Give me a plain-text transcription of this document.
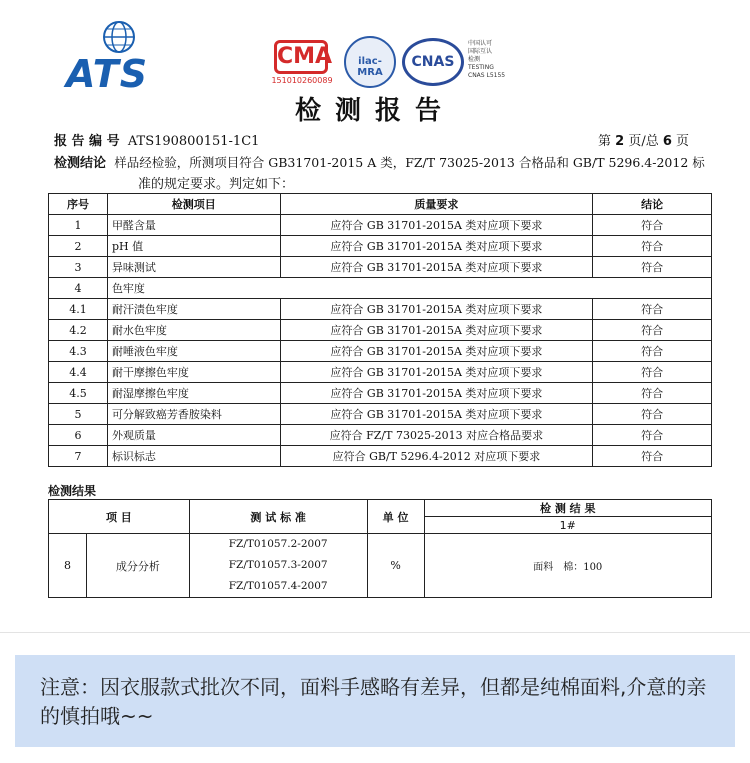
ATS	CMA
151010260089
ilac-MRA
CNAS
中国认可
国际互认
检测
TESTING
CNAS L5155
检测报告
报 告 编 号 ATS190800151-1C1	第 2 页/总 6 页
检测结论 样品经检验，所测项目符合 GB31701-2015 A 类，FZ/T 73025-2013 合格品和 GB/T 5296.4-2012 标
准的规定要求。判定如下：
序号	检测项目	质量要求	结论
1	甲醛含量	应符合 GB 31701-2015A 类对应项下要求	符合
2	pH 值	应符合 GB 31701-2015A 类对应项下要求	符合
3	异味测试	应符合 GB 31701-2015A 类对应项下要求	符合
4	色牢度		
4.1	耐汗渍色牢度	应符合 GB 31701-2015A 类对应项下要求	符合
4.2	耐水色牢度	应符合 GB 31701-2015A 类对应项下要求	符合
4.3	耐唾液色牢度	应符合 GB 31701-2015A 类对应项下要求	符合
4.4	耐干摩擦色牢度	应符合 GB 31701-2015A 类对应项下要求	符合
4.5	耐湿摩擦色牢度	应符合 GB 31701-2015A 类对应项下要求	符合
5	可分解致癌芳香胺染料	应符合 GB 31701-2015A 类对应项下要求	符合
6	外观质量	应符合 FZ/T 73025-2013 对应合格品要求	符合
7	标识标志	应符合 GB/T 5296.4-2012 对应项下要求	符合
检测结果
项 目		测 试 标 准	单 位	检 测 结 果
				1#
8	成分分析	FZ/T01057.2-2007
FZ/T01057.3-2007
FZ/T01057.4-2007	%	面料　棉：100
注意：因衣服款式批次不同，面料手感略有差异，但都是纯棉面料,介意的亲的慎拍哦~~
